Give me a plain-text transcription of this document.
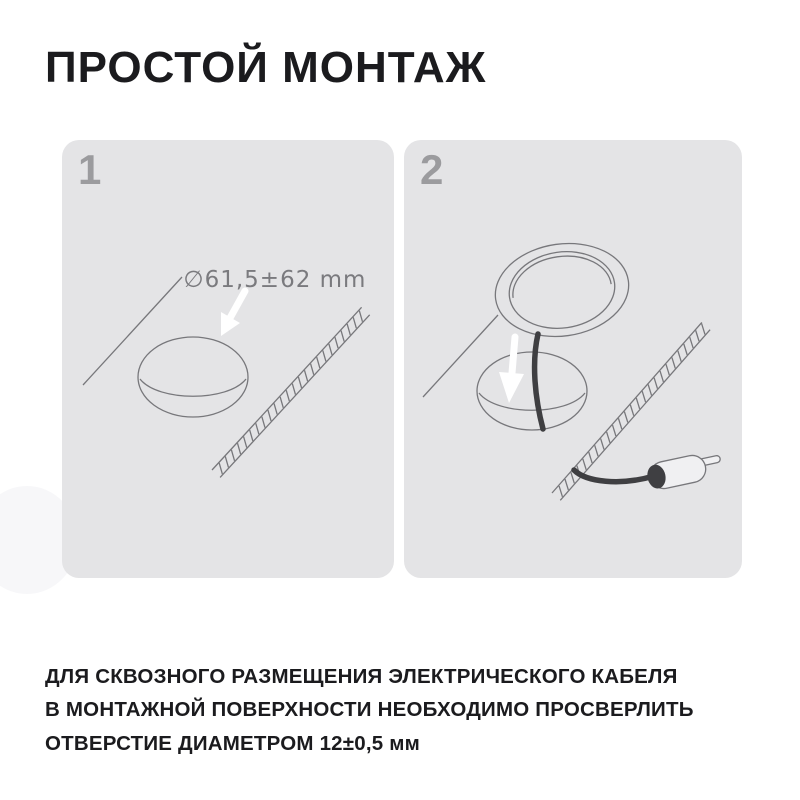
ПРОСТОЙ МОНТАЖ
1
∅61,5±62 mm
2

ДЛЯ СКВОЗНОГО РАЗМЕЩЕНИЯ ЭЛЕКТРИЧЕСКОГО КАБЕЛЯ
В МОНТАЖНОЙ ПОВЕРХНОСТИ НЕОБХОДИМО ПРОСВЕРЛИТЬ
ОТВЕРСТИЕ ДИАМЕТРОМ 12±0,5 мм
